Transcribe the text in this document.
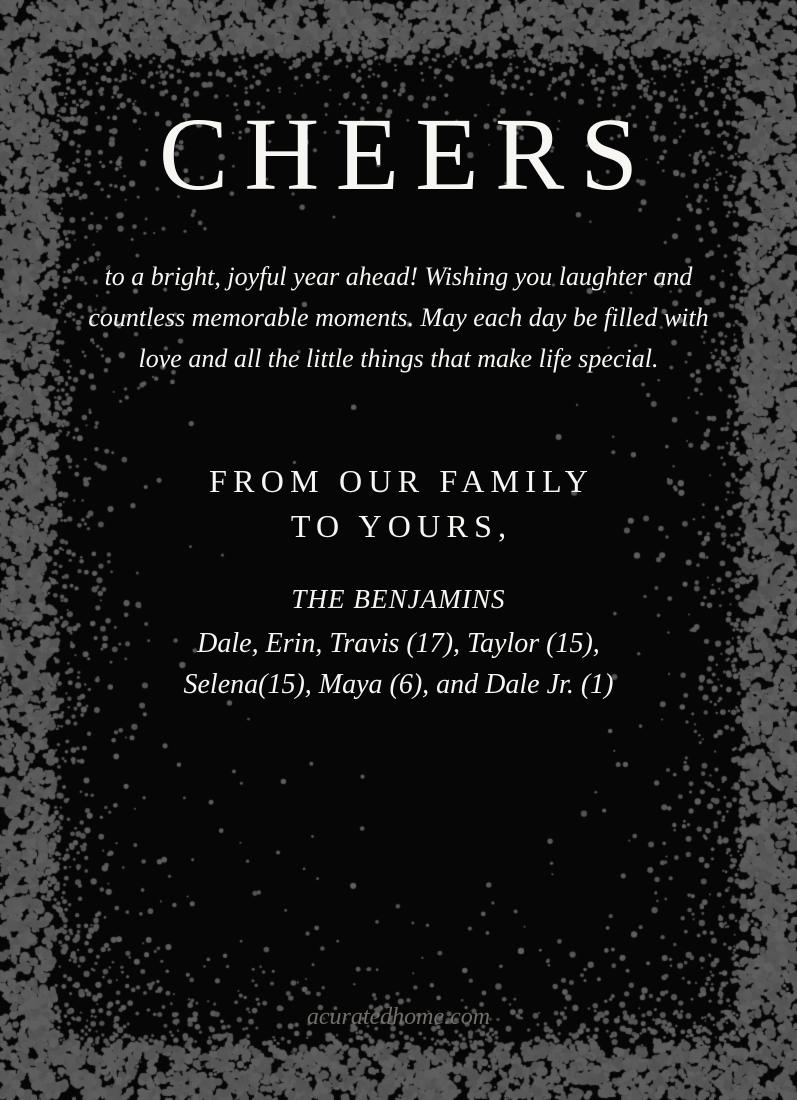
CHEERS
to a bright, joyful year ahead! Wishing you laughter and
countless memorable moments. May each day be filled with
love and all the little things that make life special.
FROM OUR FAMILY
TO YOURS,
THE BENJAMINS
Dale, Erin, Travis (17), Taylor (15),
Selena(15), Maya (6), and Dale Jr. (1)
acuratedhome.com
